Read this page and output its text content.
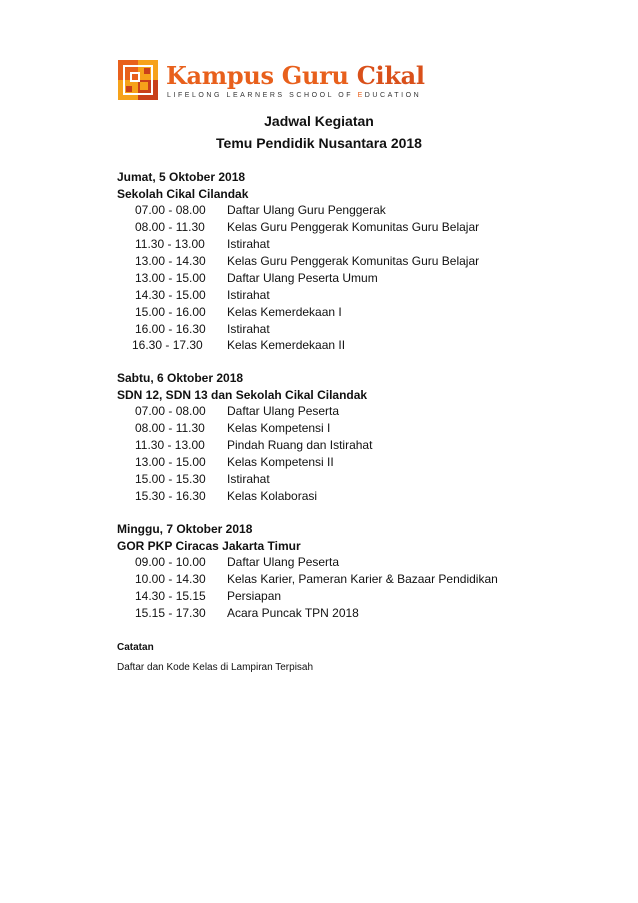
Kampus Guru Cikal
LIFELONG LEARNERS SCHOOL OF EDUCATION
Jadwal Kegiatan
Temu Pendidik Nusantara 2018
Jumat, 5 Oktober 2018
Sekolah Cikal Cilandak
07.00 - 08.00	Daftar Ulang Guru Penggerak
08.00 - 11.30	Kelas Guru Penggerak Komunitas Guru Belajar
11.30 - 13.00	Istirahat
13.00 - 14.30	Kelas Guru Penggerak Komunitas Guru Belajar
13.00 - 15.00	Daftar Ulang Peserta Umum
14.30 - 15.00	Istirahat
15.00 - 16.00	Kelas Kemerdekaan I
16.00 - 16.30	Istirahat
16.30 - 17.30	Kelas Kemerdekaan II
Sabtu, 6 Oktober 2018
SDN 12, SDN 13 dan Sekolah Cikal Cilandak
07.00 - 08.00	Daftar Ulang Peserta
08.00 - 11.30	Kelas Kompetensi I
11.30 - 13.00	Pindah Ruang dan Istirahat
13.00 - 15.00	Kelas Kompetensi II
15.00 - 15.30	Istirahat
15.30 - 16.30	Kelas Kolaborasi
Minggu, 7 Oktober 2018
GOR PKP Ciracas Jakarta Timur
09.00 - 10.00	Daftar Ulang Peserta
10.00 - 14.30	Kelas Karier, Pameran Karier & Bazaar Pendidikan
14.30 - 15.15	Persiapan
15.15 - 17.30	Acara Puncak TPN 2018
Catatan
Daftar dan Kode Kelas di Lampiran Terpisah
